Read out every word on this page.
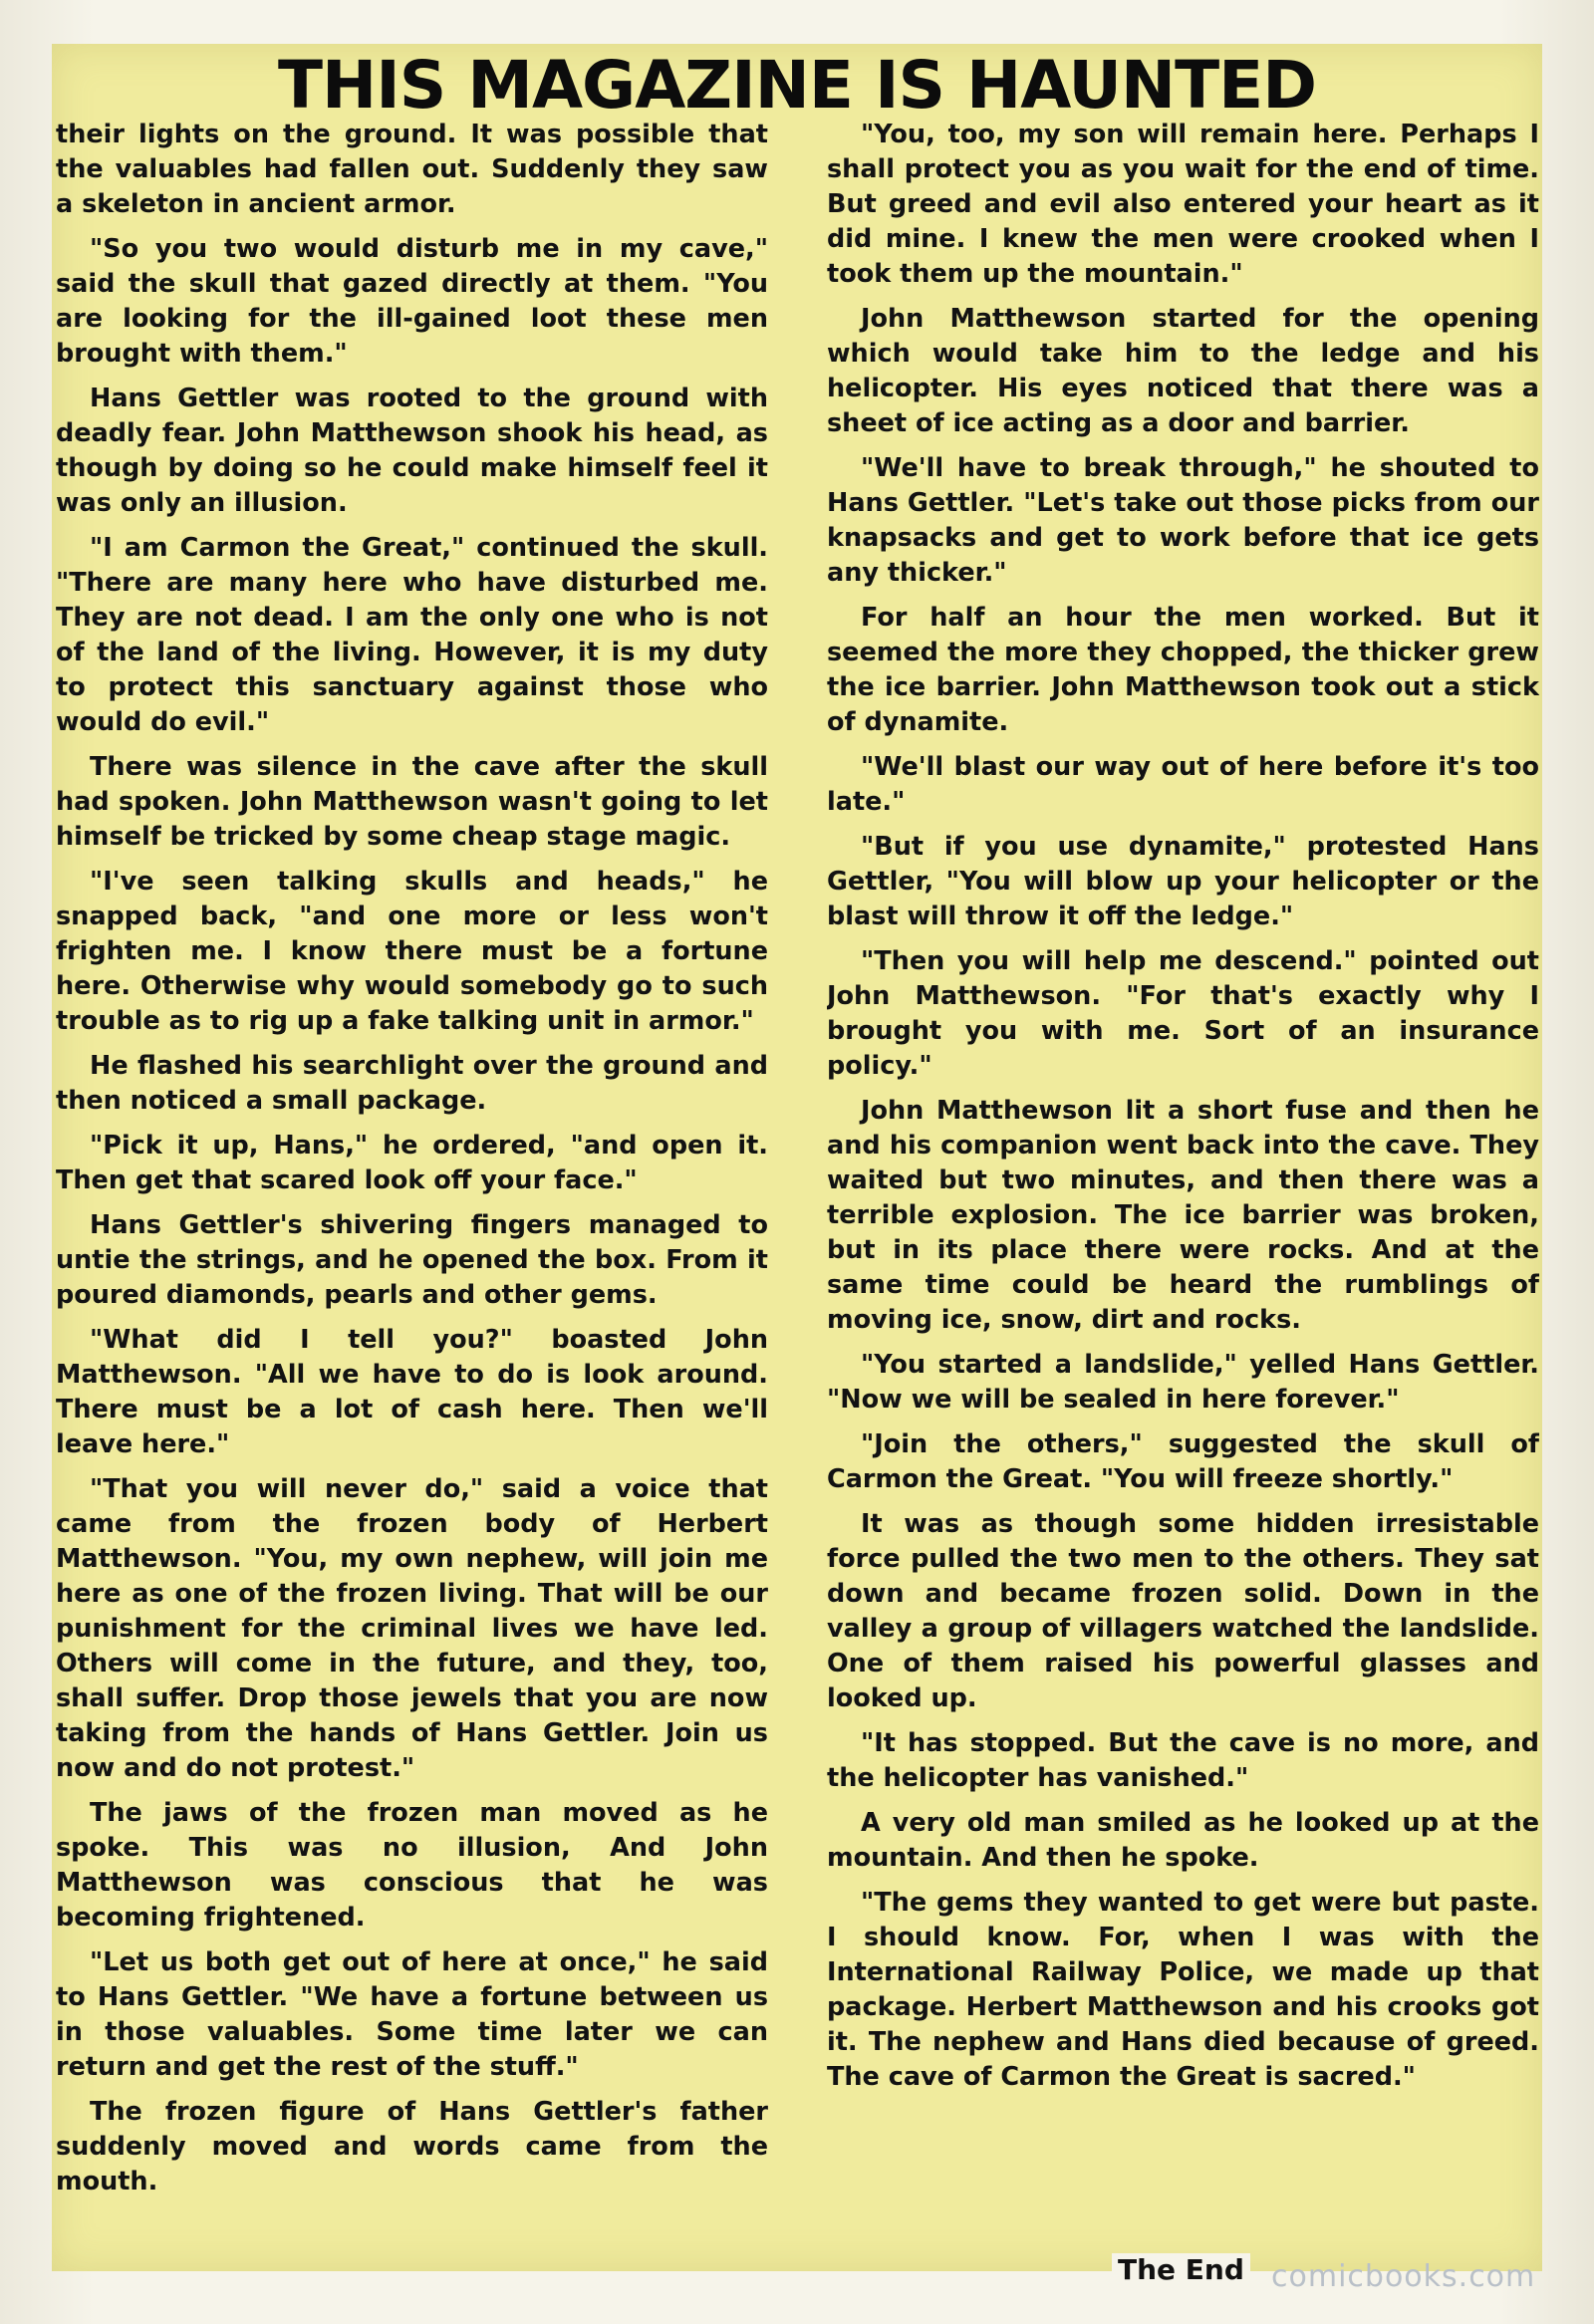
THIS MAGAZINE IS HAUNTED

their lights on the ground. It was possible that the valuables had fallen out. Suddenly they saw a skeleton in ancient armor.

"So you two would disturb me in my cave," said the skull that gazed directly at them. "You are looking for the ill-gained loot these men brought with them."

Hans Gettler was rooted to the ground with deadly fear. John Matthewson shook his head, as though by doing so he could make himself feel it was only an illusion.

"I am Carmon the Great," continued the skull. "There are many here who have disturbed me. They are not dead. I am the only one who is not of the land of the living. However, it is my duty to protect this sanctuary against those who would do evil."

There was silence in the cave after the skull had spoken. John Matthewson wasn't going to let himself be tricked by some cheap stage magic.

"I've seen talking skulls and heads," he snapped back, "and one more or less won't frighten me. I know there must be a fortune here. Otherwise why would somebody go to such trouble as to rig up a fake talking unit in armor."

He flashed his searchlight over the ground and then noticed a small package.

"Pick it up, Hans," he ordered, "and open it. Then get that scared look off your face."

Hans Gettler's shivering fingers managed to untie the strings, and he opened the box. From it poured diamonds, pearls and other gems.

"What did I tell you?" boasted John Matthewson. "All we have to do is look around. There must be a lot of cash here. Then we'll leave here."

"That you will never do," said a voice that came from the frozen body of Herbert Matthewson. "You, my own nephew, will join me here as one of the frozen living. That will be our punishment for the criminal lives we have led. Others will come in the future, and they, too, shall suffer. Drop those jewels that you are now taking from the hands of Hans Gettler. Join us now and do not protest."

The jaws of the frozen man moved as he spoke. This was no illusion, And John Matthewson was conscious that he was becoming frightened.

"Let us both get out of here at once," he said to Hans Gettler. "We have a fortune between us in those valuables. Some time later we can return and get the rest of the stuff."

The frozen figure of Hans Gettler's father suddenly moved and words came from the mouth.

"You, too, my son will remain here. Perhaps I shall protect you as you wait for the end of time. But greed and evil also entered your heart as it did mine. I knew the men were crooked when I took them up the mountain."

John Matthewson started for the opening which would take him to the ledge and his helicopter. His eyes noticed that there was a sheet of ice acting as a door and barrier.

"We'll have to break through," he shouted to Hans Gettler. "Let's take out those picks from our knapsacks and get to work before that ice gets any thicker."

For half an hour the men worked. But it seemed the more they chopped, the thicker grew the ice barrier. John Matthewson took out a stick of dynamite.

"We'll blast our way out of here before it's too late."

"But if you use dynamite," protested Hans Gettler, "You will blow up your helicopter or the blast will throw it off the ledge."

"Then you will help me descend." pointed out John Matthewson. "For that's exactly why I brought you with me. Sort of an insurance policy."

John Matthewson lit a short fuse and then he and his companion went back into the cave. They waited but two minutes, and then there was a terrible explosion. The ice barrier was broken, but in its place there were rocks. And at the same time could be heard the rumblings of moving ice, snow, dirt and rocks.

"You started a landslide," yelled Hans Gettler. "Now we will be sealed in here forever."

"Join the others," suggested the skull of Carmon the Great. "You will freeze shortly."

It was as though some hidden irresistable force pulled the two men to the others. They sat down and became frozen solid. Down in the valley a group of villagers watched the landslide. One of them raised his powerful glasses and looked up.

"It has stopped. But the cave is no more, and the helicopter has vanished."

A very old man smiled as he looked up at the mountain. And then he spoke.

"The gems they wanted to get were but paste. I should know. For, when I was with the International Railway Police, we made up that package. Herbert Matthewson and his crooks got it. The nephew and Hans died because of greed. The cave of Carmon the Great is sacred."

The End comicbooks.com
